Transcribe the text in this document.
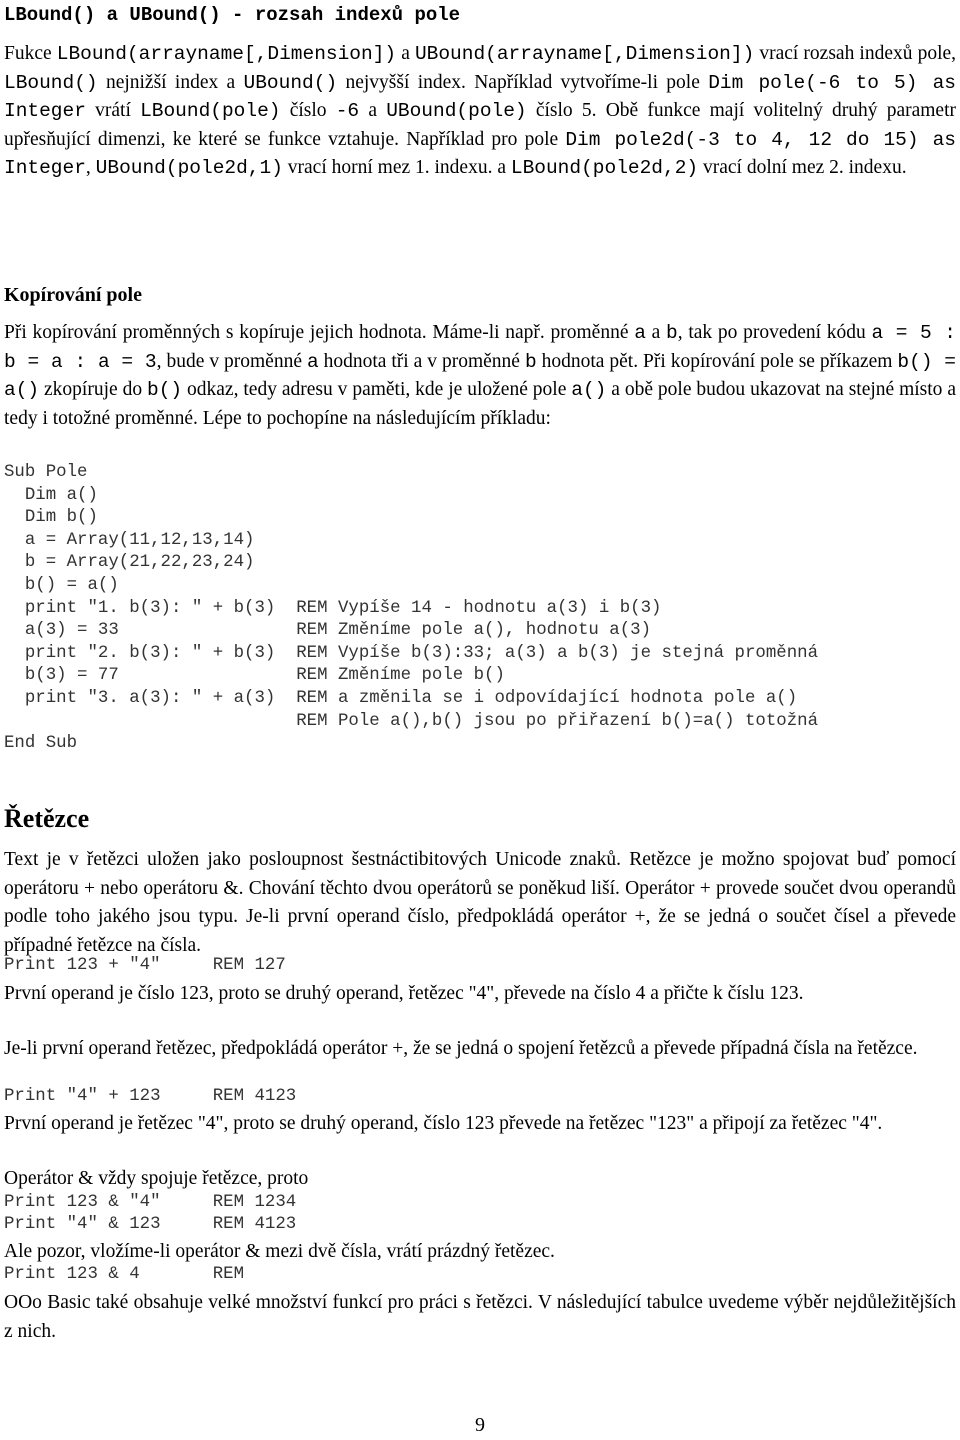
LBound() a UBound() - rozsah indexů pole

Fukce LBound(arrayname[,Dimension]) a UBound(arrayname[,Dimension]) vrací rozsah indexů pole, LBound() nejnižší index a UBound() nejvyšší index. Například vytvoříme-li pole Dim pole(-6 to 5) as Integer vrátí LBound(pole) číslo -6 a UBound(pole) číslo 5. Obě funkce mají volitelný druhý parametr upřesňující dimenzi, ke které se funkce vztahuje. Například pro pole Dim pole2d(-3 to 4, 12 do 15) as Integer, UBound(pole2d,1) vrací horní mez 1. indexu. a LBound(pole2d,2) vrací dolní mez 2. indexu.

Kopírování pole

Při kopírování proměnných s kopíruje jejich hodnota. Máme-li např. proměnné a a b, tak po provedení kódu a = 5 : b = a : a = 3, bude v proměnné a hodnota tři a v proměnné b hodnota pět. Při kopírování pole se příkazem b() = a() zkopíruje do b() odkaz, tedy adresu v paměti, kde je uložené pole a() a obě pole budou ukazovat na stejné místo a tedy i totožné proměnné. Lépe to pochopíne na následujícím příkladu:

Sub Pole
Dim a()
Dim b()
a = Array(11,12,13,14)
b = Array(21,22,23,24)
b() = a()
print "1. b(3): " + b(3)  REM Vypíše 14 - hodnotu a(3) i b(3)
a(3) = 33                 REM Změníme pole a(), hodnotu a(3)
print "2. b(3): " + b(3)  REM Vypíše b(3):33; a(3) a b(3) je stejná proměnná
b(3) = 77                 REM Změníme pole b()
print "3. a(3): " + a(3)  REM a změnila se i odpovídající hodnota pole a()
REM Pole a(),b() jsou po přiřazení b()=a() totožná
End Sub
Řetězce

Text je v řetězci uložen jako posloupnost šestnáctibitových Unicode znaků. Retězce je možno spojovat buď pomocí operátoru + nebo operátoru &. Chování těchto dvou operátorů se poněkud liší. Operátor + provede součet dvou operandů podle toho jakého jsou typu. Je-li první operand číslo, předpokládá operátor +, že se jedná o součet čísel a převede případné řetězce na čísla.

Print 123 + "4"     REM 127

První operand je číslo 123, proto se druhý operand, řetězec "4", převede na číslo 4 a přičte k číslu 123.

Je-li první operand řetězec, předpokládá operátor +, že se jedná o spojení řetězců a převede případná čísla na řetězce.

Print "4" + 123     REM 4123

První operand je řetězec "4", proto se druhý operand, číslo 123 převede na řetězec "123" a připojí za řetězec "4".

Operátor & vždy spojuje řetězce, proto

Print 123 & "4"     REM 1234
Print "4" & 123     REM 4123

Ale pozor, vložíme-li operátor & mezi dvě čísla, vrátí prázdný řetězec.

Print 123 & 4       REM

OOo Basic také obsahuje velké množství funkcí pro práci s řetězci. V následující tabulce uvedeme výběr nejdůležitějších z nich.

9
